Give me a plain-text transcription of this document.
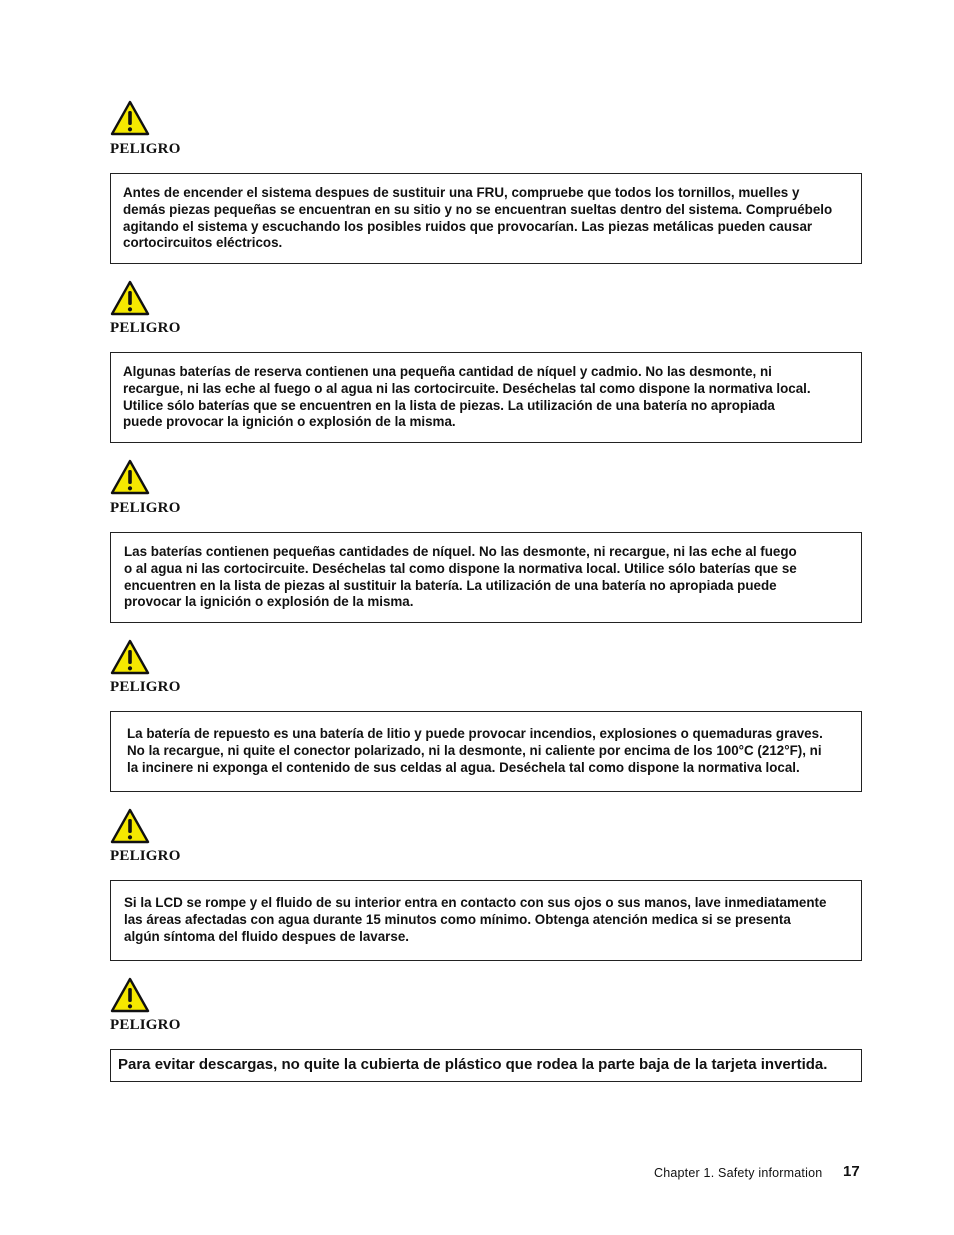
PELIGRO

Antes de encender el sistema despues de sustituir una FRU, compruebe que todos los tornillos, muelles y

demás piezas pequeñas se encuentran en su sitio y no se encuentran sueltas dentro del sistema. Compruébelo

agitando el sistema y escuchando los posibles ruidos que provocarían. Las piezas metálicas pueden causar

cortocircuitos eléctricos.

PELIGRO

Algunas baterías de reserva contienen una pequeña cantidad de níquel y cadmio. No las desmonte, ni

recargue, ni las eche al fuego o al agua ni las cortocircuite. Deséchelas tal como dispone la normativa local.

Utilice sólo baterías que se encuentren en la lista de piezas. La utilización de una batería no apropiada

puede provocar la ignición o explosión de la misma.

PELIGRO

Las baterías contienen pequeñas cantidades de níquel. No las desmonte, ni recargue, ni las eche al fuego

o al agua ni las cortocircuite. Deséchelas tal como dispone la normativa local. Utilice sólo baterías que se

encuentren en la lista de piezas al sustituir la batería. La utilización de una batería no apropiada puede

provocar la ignición o explosión de la misma.

PELIGRO

La batería de repuesto es una batería de litio y puede provocar incendios, explosiones o quemaduras graves.

No la recargue, ni quite el conector polarizado, ni la desmonte, ni caliente por encima de los 100°C (212°F), ni

la incinere ni exponga el contenido de sus celdas al agua. Deséchela tal como dispone la normativa local.

PELIGRO

Si la LCD se rompe y el fluido de su interior entra en contacto con sus ojos o sus manos, lave inmediatamente

las áreas afectadas con agua durante 15 minutos como mínimo. Obtenga atención medica si se presenta

algún síntoma del fluido despues de lavarse.

PELIGRO

Para evitar descargas, no quite la cubierta de plástico que rodea la parte baja de la tarjeta invertida.

Chapter 1. Safety information 17
